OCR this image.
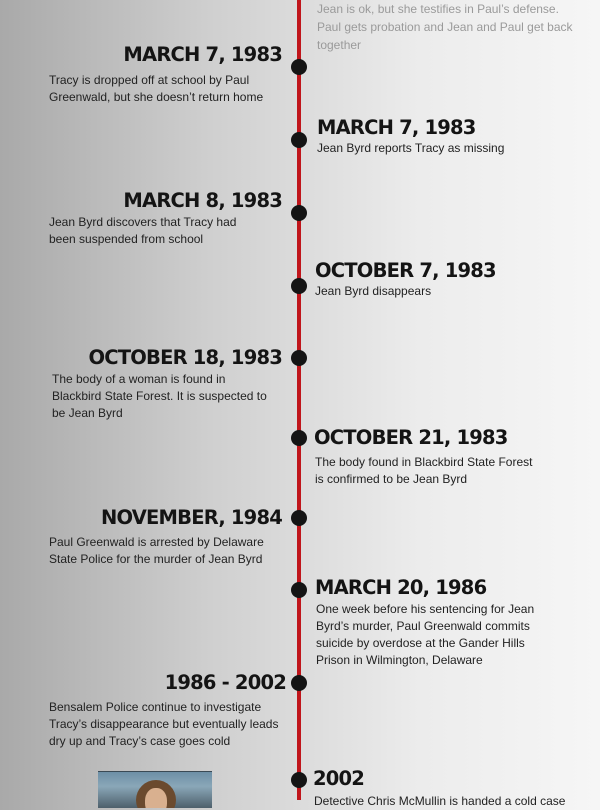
Jean is ok, but she testifies in Paul’s defense. Paul gets probation and Jean and Paul get back together
MARCH 7, 1983
Tracy is dropped off at school by Paul Greenwald, but she doesn’t return home
MARCH 7, 1983
Jean Byrd reports Tracy as missing
MARCH 8, 1983
Jean Byrd discovers that Tracy had been suspended from school
OCTOBER 7, 1983
Jean Byrd disappears
OCTOBER 18, 1983
The body of a woman is found in Blackbird State Forest. It is suspected to be Jean Byrd
OCTOBER 21, 1983
The body found in Blackbird State Forest is confirmed to be Jean Byrd
NOVEMBER, 1984
Paul Greenwald is arrested by Delaware State Police for the murder of Jean Byrd
MARCH 20, 1986
One week before his sentencing for Jean Byrd’s murder, Paul Greenwald commits suicide by overdose at the Gander Hills Prison in Wilmington, Delaware
1986 - 2002
Bensalem Police continue to investigate Tracy’s disappearance but eventually leads dry up and Tracy’s case goes cold
2002
Detective Chris McMullin is handed a cold case
